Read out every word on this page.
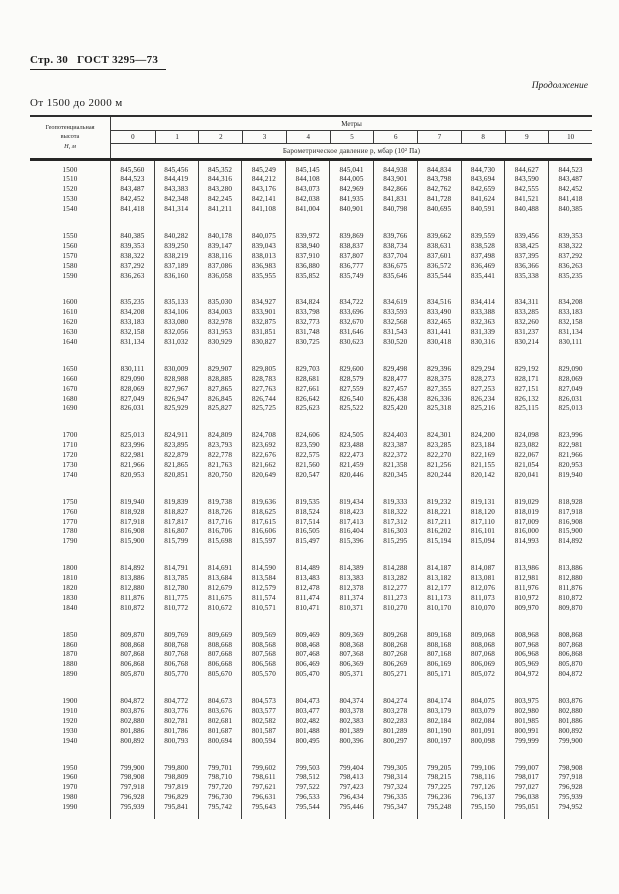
Стр. 30 ГОСТ 3295—73
Продолжение
От 1500 до 2000 м
Геопотенциальная
высота
Н, м
Метры
0	1	2	3	4	5	6	7	8	9	10
Барометрическое давление р, мбар (10² Па)
1500	845,560	845,456	845,352	845,249	845,145	845,041	844,938	844,834	844,730	844,627	844,523
1510	844,523	844,419	844,316	844,212	844,108	844,005	843,901	843,798	843,694	843,590	843,487
1520	843,487	843,383	843,280	843,176	843,073	842,969	842,866	842,762	842,659	842,555	842,452
1530	842,452	842,348	842,245	842,141	842,038	841,935	841,831	841,728	841,624	841,521	841,418
1540	841,418	841,314	841,211	841,108	841,004	840,901	840,798	840,695	840,591	840,488	840,385
1550	840,385	840,282	840,178	840,075	839,972	839,869	839,766	839,662	839,559	839,456	839,353
1560	839,353	839,250	839,147	839,043	838,940	838,837	838,734	838,631	838,528	838,425	838,322
1570	838,322	838,219	838,116	838,013	837,910	837,807	837,704	837,601	837,498	837,395	837,292
1580	837,292	837,189	837,086	836,983	836,880	836,777	836,675	836,572	836,469	836,366	836,263
1590	836,263	836,160	836,058	835,955	835,852	835,749	835,646	835,544	835,441	835,338	835,235
1600	835,235	835,133	835,030	834,927	834,824	834,722	834,619	834,516	834,414	834,311	834,208
1610	834,208	834,106	834,003	833,901	833,798	833,696	833,593	833,490	833,388	833,285	833,183
1620	833,183	833,080	832,978	832,875	832,773	832,670	832,568	832,465	832,363	832,260	832,158
1630	832,158	832,056	831,953	831,851	831,748	831,646	831,543	831,441	831,339	831,237	831,134
1640	831,134	831,032	830,929	830,827	830,725	830,623	830,520	830,418	830,316	830,214	830,111
1650	830,111	830,009	829,907	829,805	829,703	829,600	829,498	829,396	829,294	829,192	829,090
1660	829,090	828,988	828,885	828,783	828,681	828,579	828,477	828,375	828,273	828,171	828,069
1670	828,069	827,967	827,865	827,763	827,661	827,559	827,457	827,355	827,253	827,151	827,049
1680	827,049	826,947	826,845	826,744	826,642	826,540	826,438	826,336	826,234	826,132	826,031
1690	826,031	825,929	825,827	825,725	825,623	825,522	825,420	825,318	825,216	825,115	825,013
1700	825,013	824,911	824,809	824,708	824,606	824,505	824,403	824,301	824,200	824,098	823,996
1710	823,996	823,895	823,793	823,692	823,590	823,488	823,387	823,285	823,184	823,082	822,981
1720	822,981	822,879	822,778	822,676	822,575	822,473	822,372	822,270	822,169	822,067	821,966
1730	821,966	821,865	821,763	821,662	821,560	821,459	821,358	821,256	821,155	821,054	820,953
1740	820,953	820,851	820,750	820,649	820,547	820,446	820,345	820,244	820,142	820,041	819,940
1750	819,940	819,839	819,738	819,636	819,535	819,434	819,333	819,232	819,131	819,029	818,928
1760	818,928	818,827	818,726	818,625	818,524	818,423	818,322	818,221	818,120	818,019	817,918
1770	817,918	817,817	817,716	817,615	817,514	817,413	817,312	817,211	817,110	817,009	816,908
1780	816,908	816,807	816,706	816,606	816,505	816,404	816,303	816,202	816,101	816,000	815,900
1790	815,900	815,799	815,698	815,597	815,497	815,396	815,295	815,194	815,094	814,993	814,892
1800	814,892	814,791	814,691	814,590	814,489	814,389	814,288	814,187	814,087	813,986	813,886
1810	813,886	813,785	813,684	813,584	813,483	813,383	813,282	813,182	813,081	812,981	812,880
1820	812,880	812,780	812,679	812,579	812,478	812,378	812,277	812,177	812,076	811,976	811,876
1830	811,876	811,775	811,675	811,574	811,474	811,374	811,273	811,173	811,073	810,972	810,872
1840	810,872	810,772	810,672	810,571	810,471	810,371	810,270	810,170	810,070	809,970	809,870
1850	809,870	809,769	809,669	809,569	809,469	809,369	809,268	809,168	809,068	808,968	808,868
1860	808,868	808,768	808,668	808,568	808,468	808,368	808,268	808,168	808,068	807,968	807,868
1870	807,868	807,768	807,668	807,568	807,468	807,368	807,268	807,168	807,068	806,968	806,868
1880	806,868	806,768	806,668	806,568	806,469	806,369	806,269	806,169	806,069	805,969	805,870
1890	805,870	805,770	805,670	805,570	805,470	805,371	805,271	805,171	805,072	804,972	804,872
1900	804,872	804,772	804,673	804,573	804,473	804,374	804,274	804,174	804,075	803,975	803,876
1910	803,876	803,776	803,676	803,577	803,477	803,378	803,278	803,179	803,079	802,980	802,880
1920	802,880	802,781	802,681	802,582	802,482	802,383	802,283	802,184	802,084	801,985	801,886
1930	801,886	801,786	801,687	801,587	801,488	801,389	801,289	801,190	801,091	800,991	800,892
1940	800,892	800,793	800,694	800,594	800,495	800,396	800,297	800,197	800,098	799,999	799,900
1950	799,900	799,800	799,701	799,602	799,503	799,404	799,305	799,205	799,106	799,007	798,908
1960	798,908	798,809	798,710	798,611	798,512	798,413	798,314	798,215	798,116	798,017	797,918
1970	797,918	797,819	797,720	797,621	797,522	797,423	797,324	797,225	797,126	797,027	796,928
1980	796,928	796,829	796,730	796,631	796,533	796,434	796,335	796,236	796,137	796,038	795,939
1990	795,939	795,841	795,742	795,643	795,544	795,446	795,347	795,248	795,150	795,051	794,952
